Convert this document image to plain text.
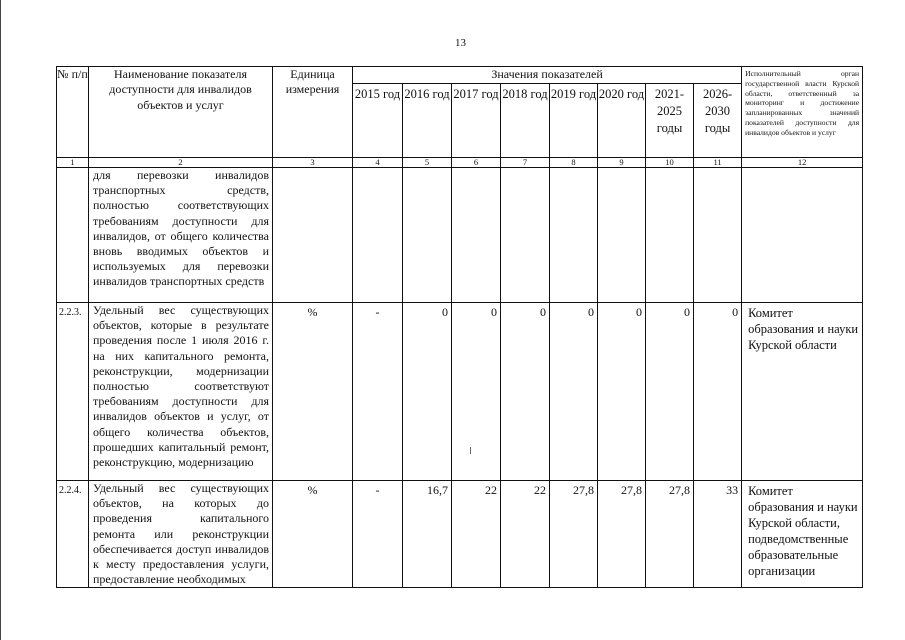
13
№ п/п	Наименование показателя доступности для инвалидов объектов и услуг	Единица измерения	Значения показателей								Исполнительный орган государственной власти Курской области, ответственный за мониторинг и достижение запланированных значений показателей доступности для инвалидов объектов и услуг
			2015 год	2016 год	2017 год	2018 год	2019 год	2020 год	2021-2025 годы	2026-2030 годы	
1	2	3	4	5	6	7	8	9	10	11	12
	для перевозки инвалидов транспортных средств, полностью соответствующих требованиям доступности для инвалидов, от общего количества вновь вводимых объектов и используемых для перевозки инвалидов транспортных средств										
2.2.3.	Удельный вес существующих объектов, которые в результате проведения после 1 июля 2016 г. на них капитального ремонта, реконструкции, модернизации полностью соответствуют требованиям доступности для инвалидов объектов и услуг, от общего количества объектов, прошедших капитальный ремонт, реконструкцию, модернизацию	%	-	0	0	0	0	0	0	0	Комитет образования и науки Курской области
2.2.4.	Удельный вес существующих объектов, на которых до проведения капитального ремонта или реконструкции обеспечивается доступ инвалидов к месту предоставления услуги, предоставление необходимых	%	-	16,7	22	22	27,8	27,8	27,8	33	Комитет образования и науки Курской области, подведомственные образовательные организации
